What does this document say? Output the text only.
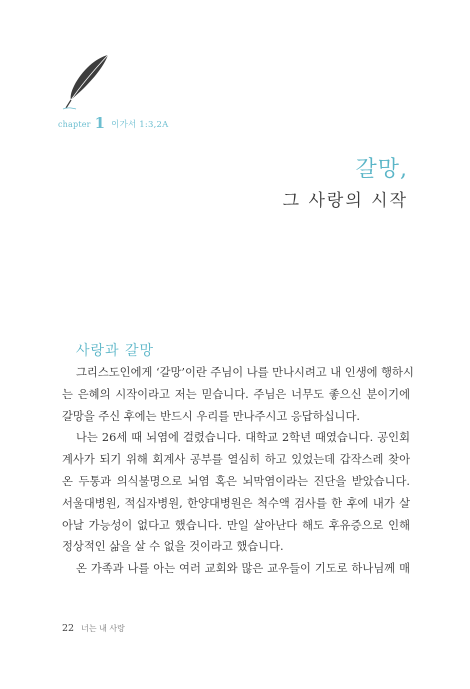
chapter 1 이가서 1:3,2A
갈망,
그 사랑의 시작
사랑과 갈망
그리스도인에게 ‘갈망’이란 주님이 나를 만나시려고 내 인생에 행하시
는 은혜의 시작이라고 저는 믿습니다. 주님은 너무도 좋으신 분이기에
갈망을 주신 후에는 반드시 우리를 만나주시고 응답하십니다.
나는 26세 때 뇌염에 걸렸습니다. 대학교 2학년 때였습니다. 공인회
계사가 되기 위해 회계사 공부를 열심히 하고 있었는데 갑작스레 찾아
온 두통과 의식불명으로 뇌염 혹은 뇌막염이라는 진단을 받았습니다.
서울대병원, 적십자병원, 한양대병원은 척수액 검사를 한 후에 내가 살
아날 가능성이 없다고 했습니다. 만일 살아난다 해도 후유증으로 인해
정상적인 삶을 살 수 없을 것이라고 했습니다.
온 가족과 나를 아는 여러 교회와 많은 교우들이 기도로 하나님께 매
22 너는 내 사랑
